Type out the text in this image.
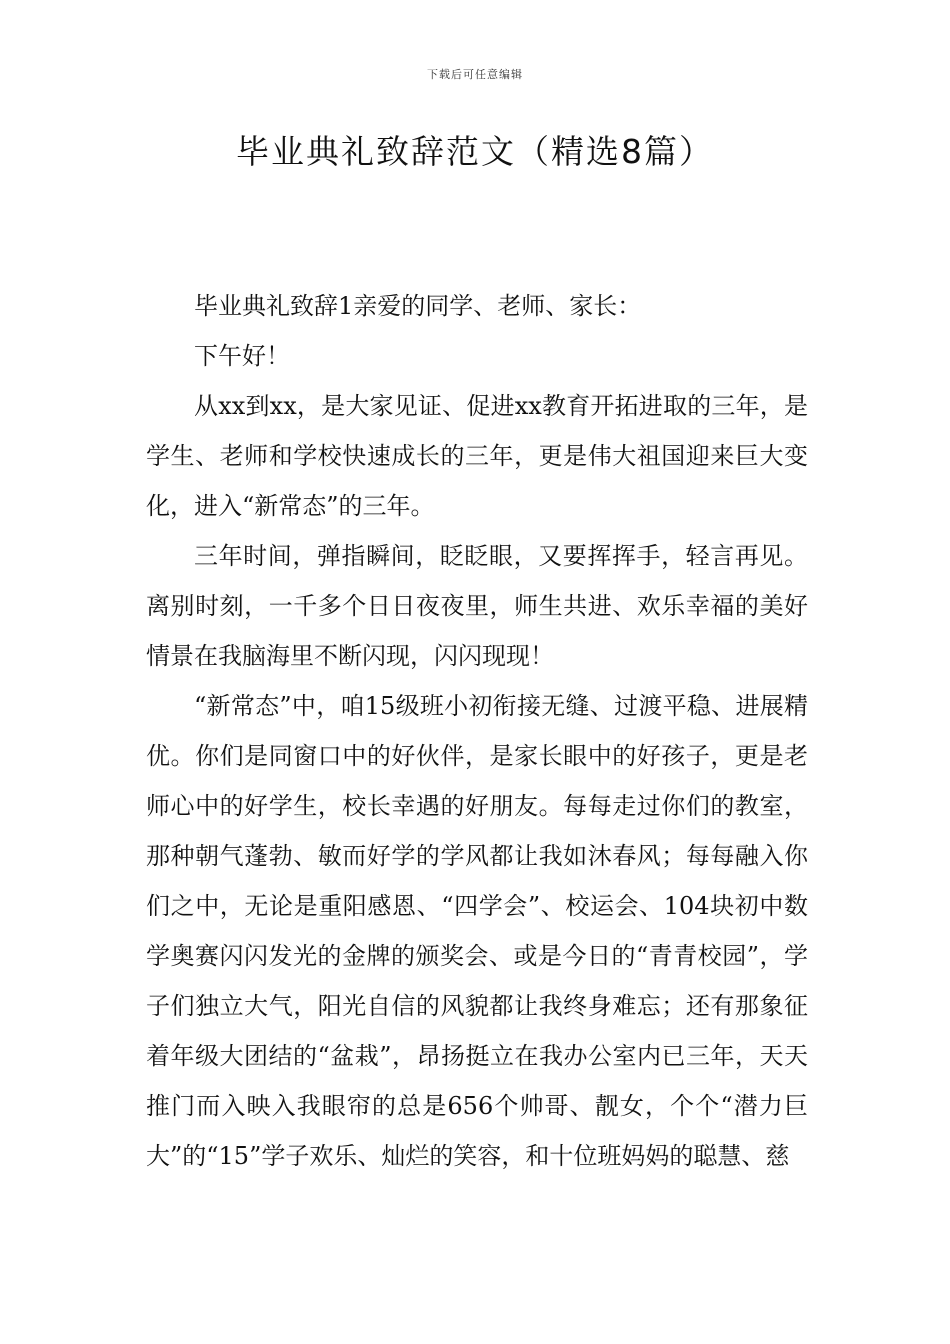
下载后可任意编辑
毕业典礼致辞范文（精选8篇）

毕业典礼致辞1亲爱的同学、老师、家长：

下午好！

从xx到xx，是大家见证、促进xx教育开拓进取的三年，是学生、老师和学校快速成长的三年，更是伟大祖国迎来巨大变化，进入“新常态”的三年。

三年时间，弹指瞬间，眨眨眼，又要挥挥手，轻言再见。离别时刻，一千多个日日夜夜里，师生共进、欢乐幸福的美好情景在我脑海里不断闪现，闪闪现现！

“新常态”中，咱15级班小初衔接无缝、过渡平稳、进展精优。你们是同窗口中的好伙伴，是家长眼中的好孩子，更是老师心中的好学生，校长幸遇的好朋友。每每走过你们的教室，那种朝气蓬勃、敏而好学的学风都让我如沐春风；每每融入你们之中，无论是重阳感恩、“四学会”、校运会、104块初中数学奥赛闪闪发光的金牌的颁奖会、或是今日的“青青校园”，学子们独立大气，阳光自信的风貌都让我终身难忘；还有那象征着年级大团结的“盆栽”，昂扬挺立在我办公室内已三年，天天推门而入映入我眼帘的总是656个帅哥、靓女，个个“潜力巨大”的“15”学子欢乐、灿烂的笑容，和十位班妈妈的聪慧、慈
